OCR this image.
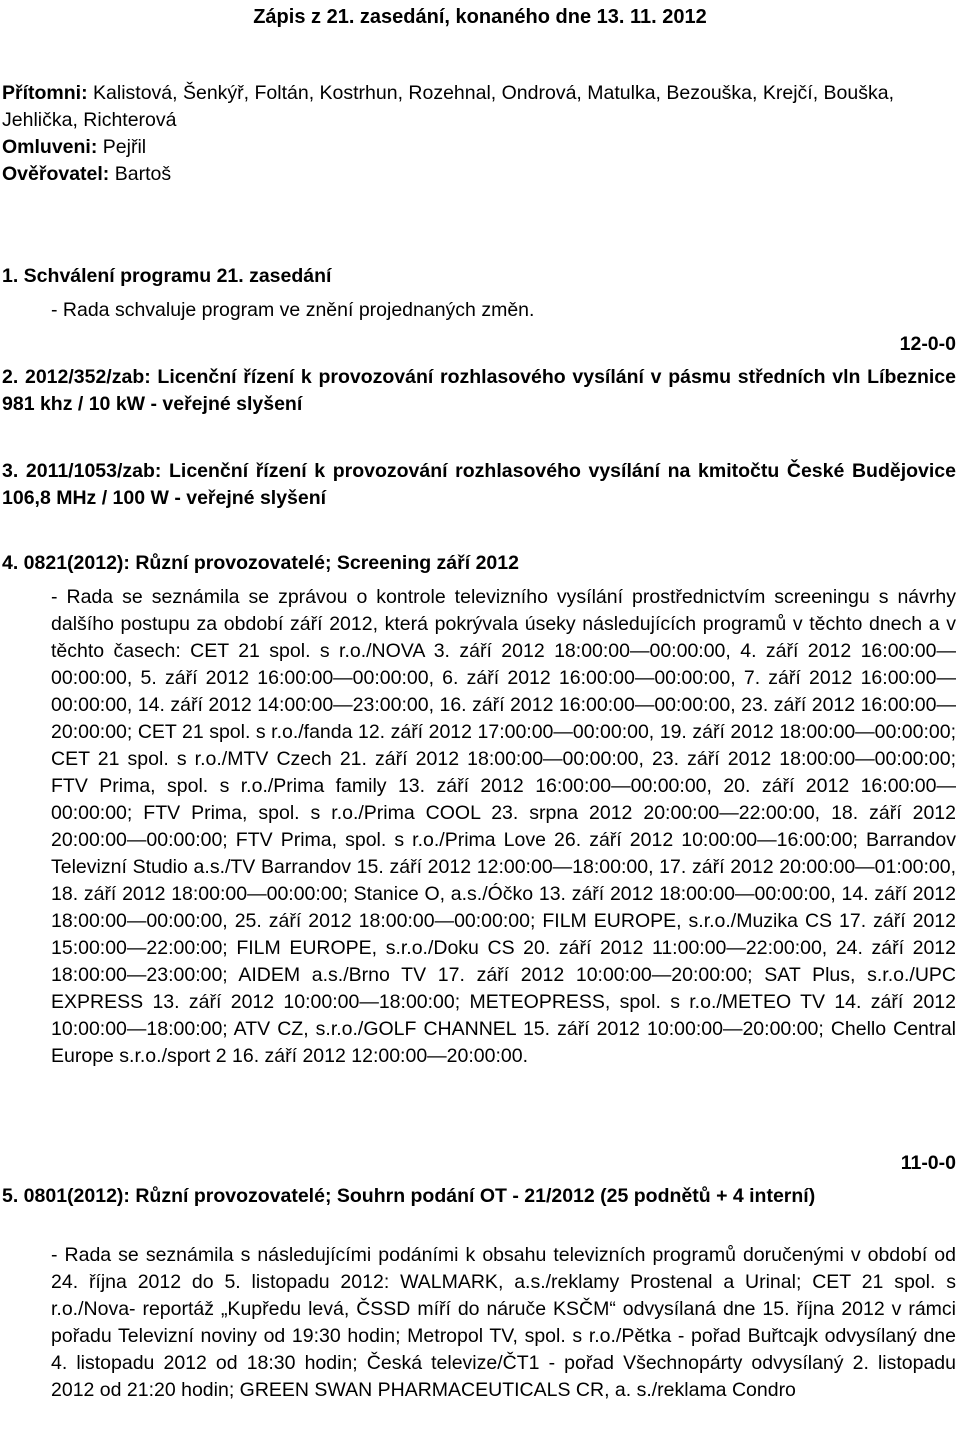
Zápis z 21. zasedání, konaného dne 13. 11. 2012
Přítomni: Kalistová, Šenkýř, Foltán, Kostrhun, Rozehnal, Ondrová, Matulka, Bezouška, Krejčí, Bouška, Jehlička, Richterová
Omluveni: Pejřil
Ověřovatel: Bartoš
1. Schválení programu 21. zasedání
- Rada schvaluje program ve znění projednaných změn.
12-0-0
2. 2012/352/zab: Licenční řízení k provozování rozhlasového vysílání v pásmu středních vln Líbeznice 981 khz / 10 kW - veřejné slyšení
3. 2011/1053/zab: Licenční řízení k provozování rozhlasového vysílání na kmitočtu České Budějovice 106,8 MHz / 100 W - veřejné slyšení
4. 0821(2012): Různí provozovatelé; Screening září 2012
- Rada se seznámila se zprávou o kontrole televizního vysílání prostřednictvím screeningu s návrhy dalšího postupu za období září 2012, která pokrývala úseky následujících programů v těchto dnech a v těchto časech: CET 21 spol. s r.o./NOVA 3. září 2012 18:00:00—00:00:00, 4. září 2012 16:00:00—00:00:00, 5. září 2012 16:00:00—00:00:00, 6. září 2012 16:00:00—00:00:00, 7. září 2012 16:00:00—00:00:00, 14. září 2012 14:00:00—23:00:00, 16. září 2012 16:00:00—00:00:00, 23. září 2012 16:00:00—20:00:00; CET 21 spol. s r.o./fanda 12. září 2012 17:00:00—00:00:00, 19. září 2012 18:00:00—00:00:00; CET 21 spol. s r.o./MTV Czech 21. září 2012 18:00:00—00:00:00, 23. září 2012 18:00:00—00:00:00; FTV Prima, spol. s r.o./Prima family 13. září 2012 16:00:00—00:00:00, 20. září 2012 16:00:00—00:00:00; FTV Prima, spol. s r.o./Prima COOL 23. srpna 2012 20:00:00—22:00:00, 18. září 2012 20:00:00—00:00:00; FTV Prima, spol. s r.o./Prima Love 26. září 2012 10:00:00—16:00:00; Barrandov Televizní Studio a.s./TV Barrandov 15. září 2012 12:00:00—18:00:00, 17. září 2012 20:00:00—01:00:00, 18. září 2012 18:00:00—00:00:00; Stanice O, a.s./Óčko 13. září 2012 18:00:00—00:00:00, 14. září 2012 18:00:00—00:00:00, 25. září 2012 18:00:00—00:00:00; FILM EUROPE, s.r.o./Muzika CS 17. září 2012 15:00:00—22:00:00; FILM EUROPE, s.r.o./Doku CS 20. září 2012 11:00:00—22:00:00, 24. září 2012 18:00:00—23:00:00; AIDEM a.s./Brno TV 17. září 2012 10:00:00—20:00:00; SAT Plus, s.r.o./UPC EXPRESS 13. září 2012 10:00:00—18:00:00; METEOPRESS, spol. s r.o./METEO TV 14. září 2012 10:00:00—18:00:00; ATV CZ, s.r.o./GOLF CHANNEL 15. září 2012 10:00:00—20:00:00; Chello Central Europe s.r.o./sport 2 16. září 2012 12:00:00—20:00:00.
11-0-0
5. 0801(2012): Různí provozovatelé; Souhrn podání OT - 21/2012 (25 podnětů + 4 interní)
- Rada se seznámila s následujícími podáními k obsahu televizních programů doručenými v období od 24. října 2012 do 5. listopadu 2012: WALMARK, a.s./reklamy Prostenal a Urinal; CET 21 spol. s r.o./Nova- reportáž „Kupředu levá, ČSSD míří do náruče KSČM“ odvysílaná dne 15. října 2012 v rámci pořadu Televizní noviny od 19:30 hodin; Metropol TV, spol. s r.o./Pětka - pořad Buřtcajk odvysílaný dne 4. listopadu 2012 od 18:30 hodin; Česká televize/ČT1 - pořad Všechnopárty odvysílaný 2. listopadu 2012 od 21:20 hodin; GREEN SWAN PHARMACEUTICALS CR, a. s./reklama Condro
